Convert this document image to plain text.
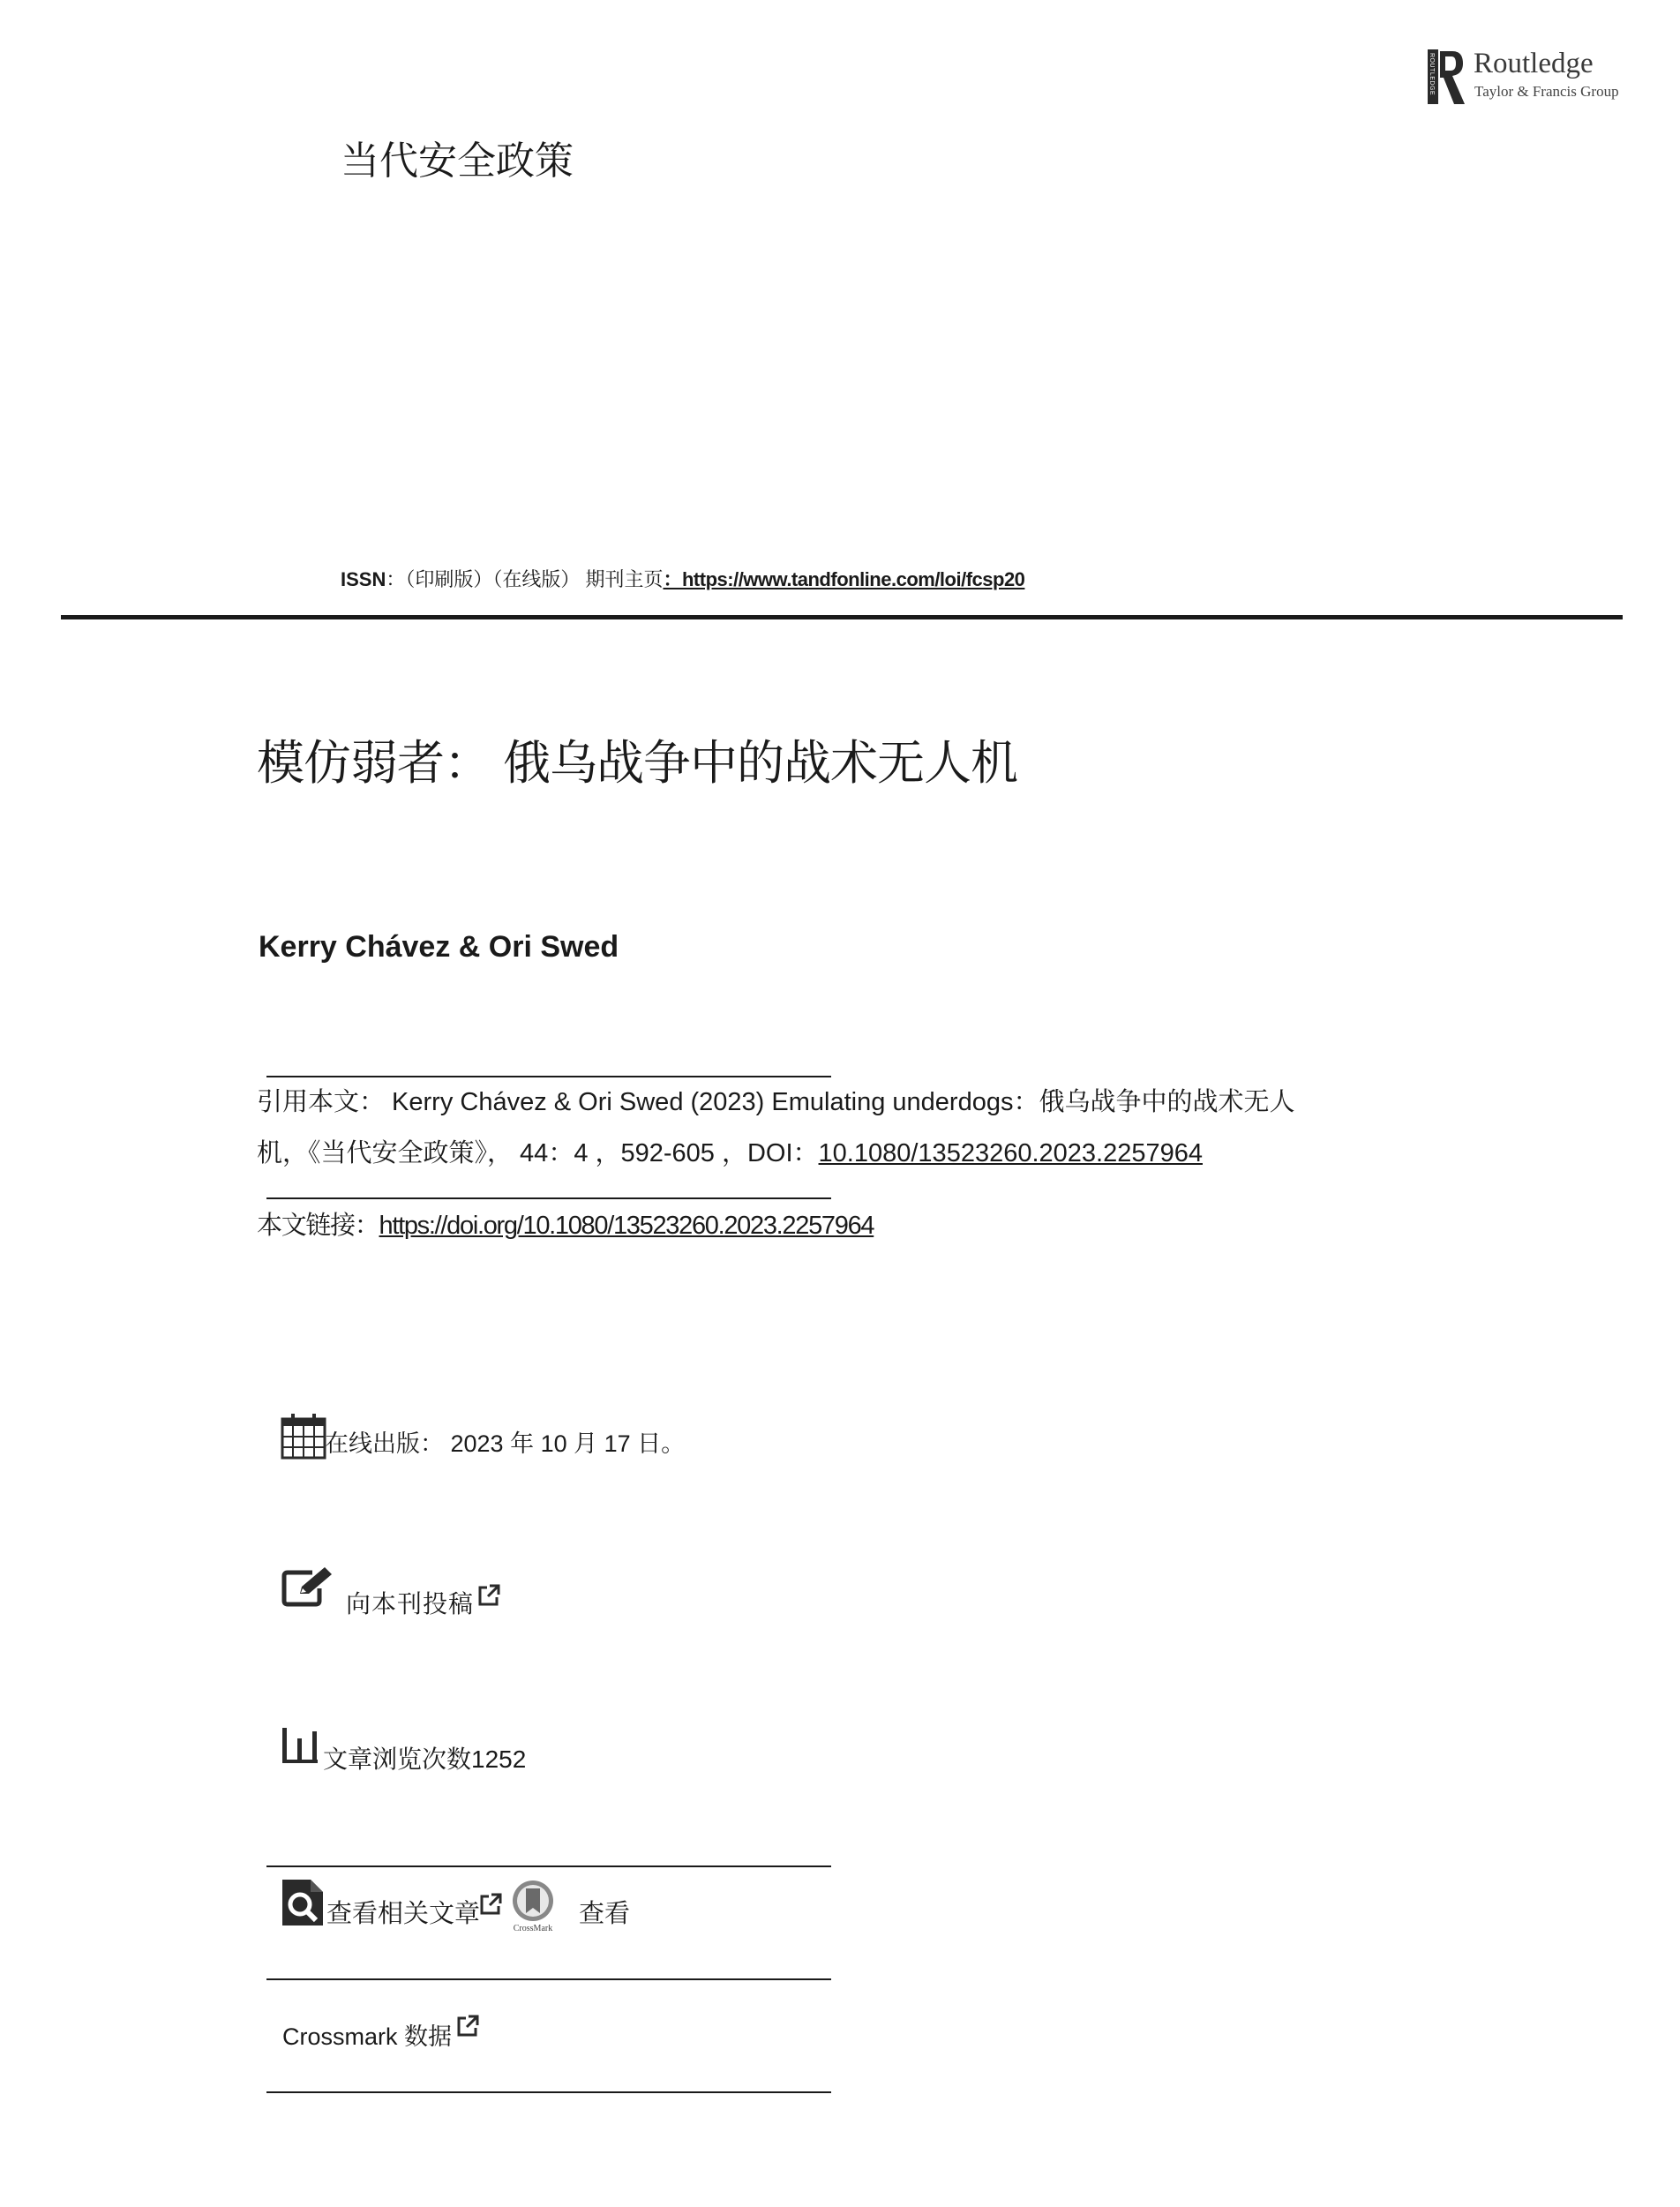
ROUTLEDGE Routledge
Taylor & Francis Group
当代安全政策
ISSN：（印刷版）（在线版） 期刊主页：https://www.tandfonline.com/loi/fcsp20
模仿弱者： 俄乌战争中的战术无人机
Kerry Chávez & Ori Swed
引用本文： Kerry Chávez & Ori Swed (2023) Emulating underdogs：俄乌战争中的战术无人
机，《当代安全政策》， 44：4 ，592-605 ，DOI：10.1080/13523260.2023.2257964
本文链接：https://doi.org/10.1080/13523260.2023.2257964
在线出版： 2023 年 10 月 17 日。
向本刊投稿
文章浏览次数1252
查看相关文章
CrossMark
查看
Crossmark 数据
